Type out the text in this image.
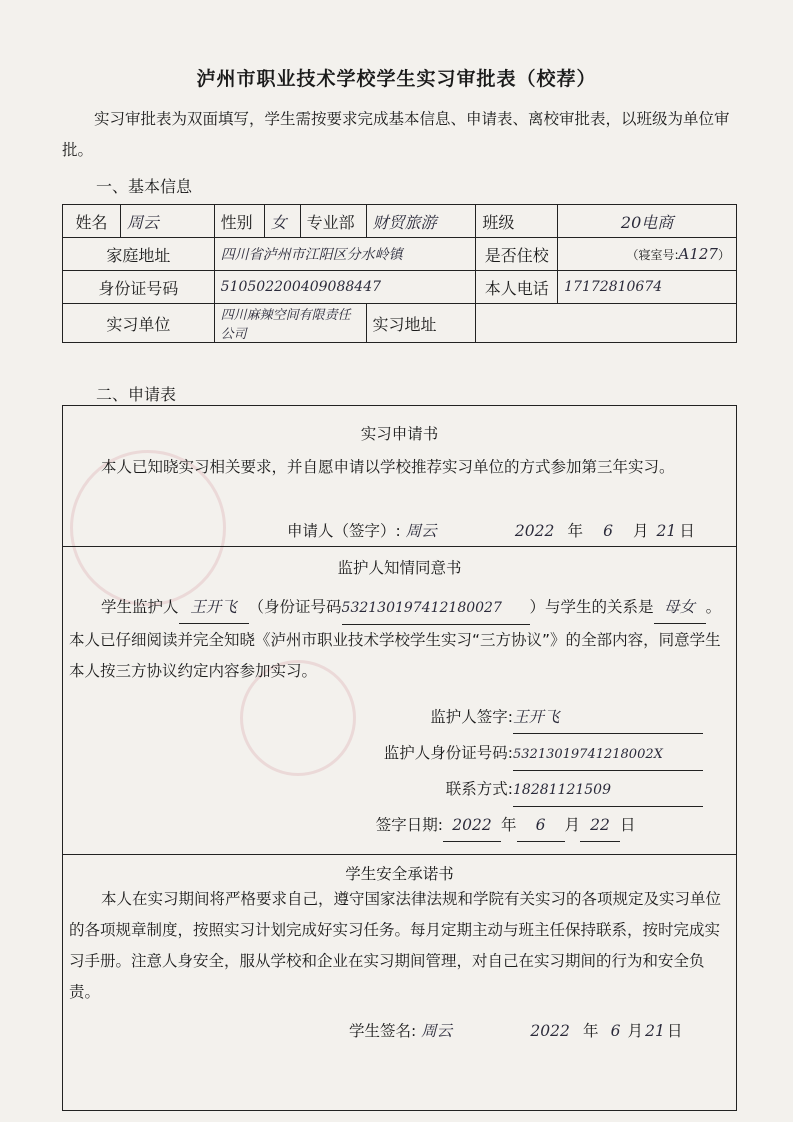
泸州市职业技术学校学生实习审批表（校荐）
实习审批表为双面填写，学生需按要求完成基本信息、申请表、离校审批表，以班级为单位审批。
一、基本信息
姓名	周云	性别	女	专业部	财贸旅游	班级	20电商
家庭地址		四川省泸州市江阳区分水岭镇				是否住校	（寝室号:A127）
身份证号码		510502200409088447				本人电话	17172810674
实习单位		四川麻辣空间有限责任公司			实习地址		
二、申请表
实习申请书
本人已知晓实习相关要求，并自愿申请以学校推荐实习单位的方式参加第三年实习。
申请人（签字）: 周云	2022 年 6 月 21 日
监护人知情同意书
学生监护人 王开飞 （身份证号码532130197412180027 ）与学生的关系是 母女 。本人已仔细阅读并完全知晓《泸州市职业技术学校学生实习“三方协议”》的全部内容，同意学生本人按三方协议约定内容参加实习。
监护人签字:王开飞
监护人身份证号码:53213019741218002X
联系方式:18281121509
签字日期: 2022 年 6 月 22 日
学生安全承诺书
本人在实习期间将严格要求自己，遵守国家法律法规和学院有关实习的各项规定及实习单位的各项规章制度，按照实习计划完成好实习任务。每月定期主动与班主任保持联系，按时完成实习手册。注意人身安全，服从学校和企业在实习期间管理，对自己在实习期间的行为和安全负责。
学生签名: 周云	2022 年 6 月 21 日
